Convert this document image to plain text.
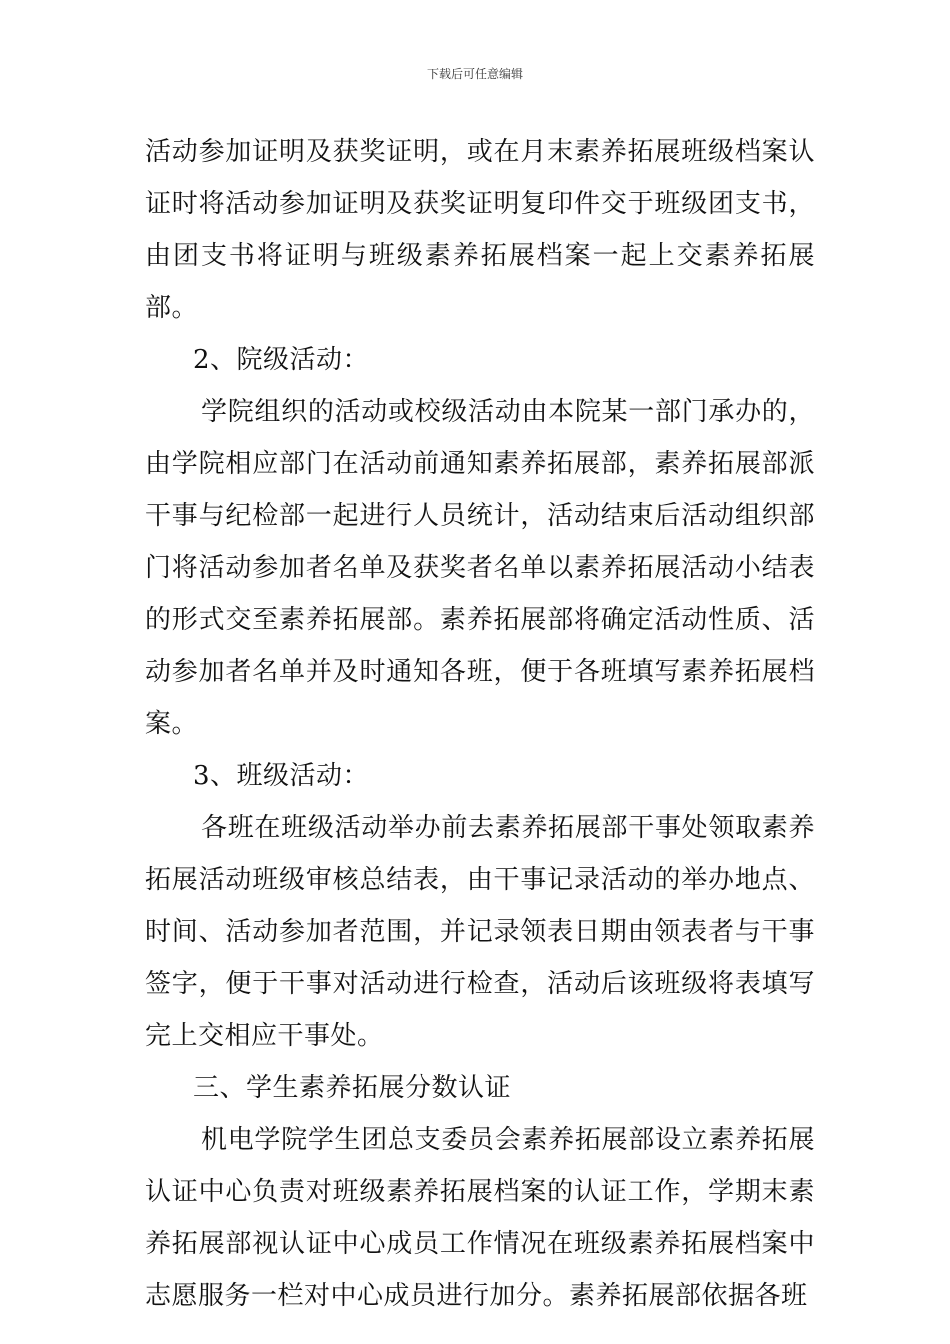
下载后可任意编辑

活动参加证明及获奖证明，或在月末素养拓展班级档案认证时将活动参加证明及获奖证明复印件交于班级团支书，由团支书将证明与班级素养拓展档案一起上交素养拓展部。

2、院级活动：

学院组织的活动或校级活动由本院某一部门承办的，由学院相应部门在活动前通知素养拓展部，素养拓展部派干事与纪检部一起进行人员统计，活动结束后活动组织部门将活动参加者名单及获奖者名单以素养拓展活动小结表的形式交至素养拓展部。素养拓展部将确定活动性质、活动参加者名单并及时通知各班，便于各班填写素养拓展档案。

3、班级活动：

各班在班级活动举办前去素养拓展部干事处领取素养拓展活动班级审核总结表，由干事记录活动的举办地点、时间、活动参加者范围，并记录领表日期由领表者与干事签字，便于干事对活动进行检查，活动后该班级将表填写完上交相应干事处。

三、学生素养拓展分数认证

机电学院学生团总支委员会素养拓展部设立素养拓展认证中心负责对班级素养拓展档案的认证工作，学期末素养拓展部视认证中心成员工作情况在班级素养拓展档案中志愿服务一栏对中心成员进行加分。素养拓展部依据各班
